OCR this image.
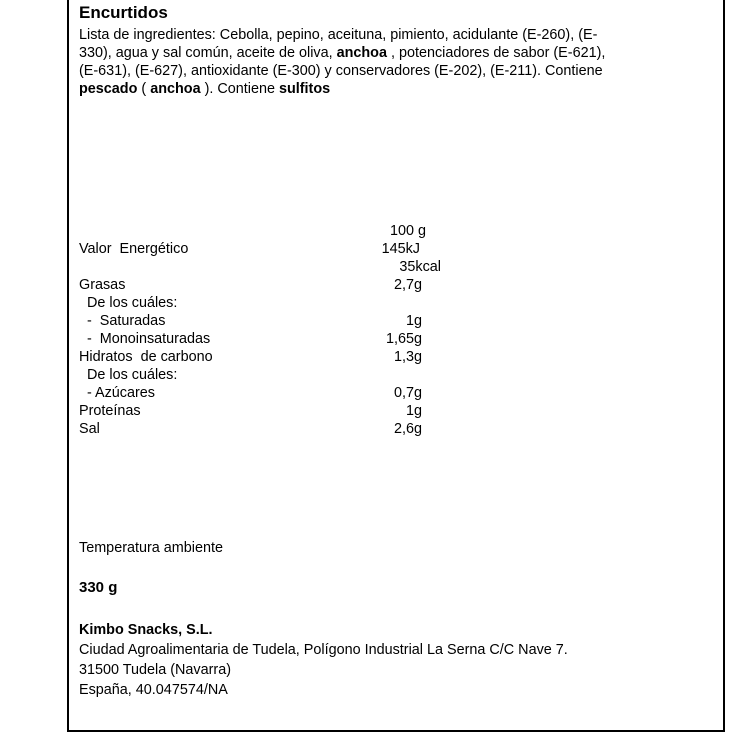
Encurtidos
Lista de ingredientes: Cebolla, pepino, aceituna, pimiento, acidulante (E-260), (E-330), agua y sal común, aceite de oliva, anchoa , potenciadores de sabor (E-621), (E-631), (E-627), antioxidante (E-300) y conservadores (E-202), (E-211). Contiene pescado ( anchoa ). Contiene sulfitos
100 g
Valor  Energético	145kJ
35kcal
Grasas	2,7g
De los cuáles:
-  Saturadas	1g
-  Monoinsaturadas	1,65g
Hidratos  de carbono	1,3g
De los cuáles:
- Azúcares	0,7g
Proteínas	1g
Sal	2,6g
Temperatura ambiente
330 g
Kimbo Snacks, S.L.
Ciudad Agroalimentaria de Tudela, Polígono Industrial La Serna C/C Nave 7.
31500 Tudela (Navarra)
España, 40.047574/NA
